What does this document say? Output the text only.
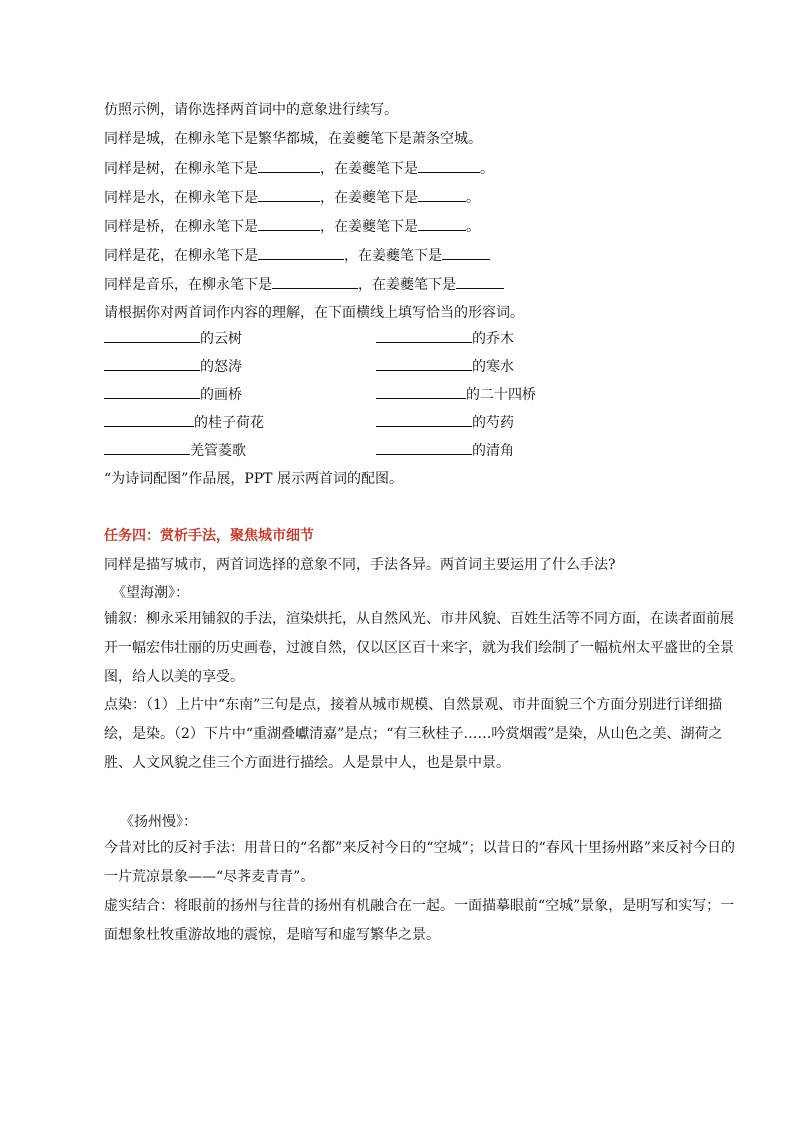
仿照示例，请你选择两首词中的意象进行续写。
同样是城，在柳永笔下是繁华都城，在姜夔笔下是萧条空城。
同样是树，在柳永笔下是	，在姜夔笔下是	。
同样是水，在柳永笔下是	，在姜夔笔下是	。
同样是桥，在柳永笔下是	，在姜夔笔下是	。
同样是花，在柳永笔下是	，在姜夔笔下是
同样是音乐，在柳永笔下是	，在姜夔笔下是
请根据你对两首词作内容的理解，在下面横线上填写恰当的形容词。
的云树	的乔木
的怒涛	的寒水
的画桥	的二十四桥
的桂子荷花	的芍药
羌管菱歌	的清角
“为诗词配图”作品展，PPT 展示两首词的配图。
任务四：赏析手法，聚焦城市细节
同样是描写城市，两首词选择的意象不同，手法各异。两首词主要运用了什么手法?
《望海潮》：
铺叙：柳永采用铺叙的手法，渲染烘托，从自然风光、市井风貌、百姓生活等不同方面，在读者面前展开一幅宏伟壮丽的历史画卷，过渡自然，仅以区区百十来字，就为我们绘制了一幅杭州太平盛世的全景图，给人以美的享受。
点染：（1）上片中“东南”三句是点，接着从城市规模、自然景观、市井面貌三个方面分别进行详细描绘，是染。（2）下片中“重湖叠巘清嘉”是点；“有三秋桂子……吟赏烟霞”是染，从山色之美、湖荷之胜、人文风貌之佳三个方面进行描绘。人是景中人，也是景中景。
《扬州慢》：
今昔对比的反衬手法：用昔日的“名都”来反衬今日的“空城”；以昔日的“春风十里扬州路”来反衬今日的一片荒凉景象——“尽荠麦青青”。
虚实结合：将眼前的扬州与往昔的扬州有机融合在一起。一面描摹眼前“空城”景象，是明写和实写；一面想象杜牧重游故地的震惊，是暗写和虚写繁华之景。
